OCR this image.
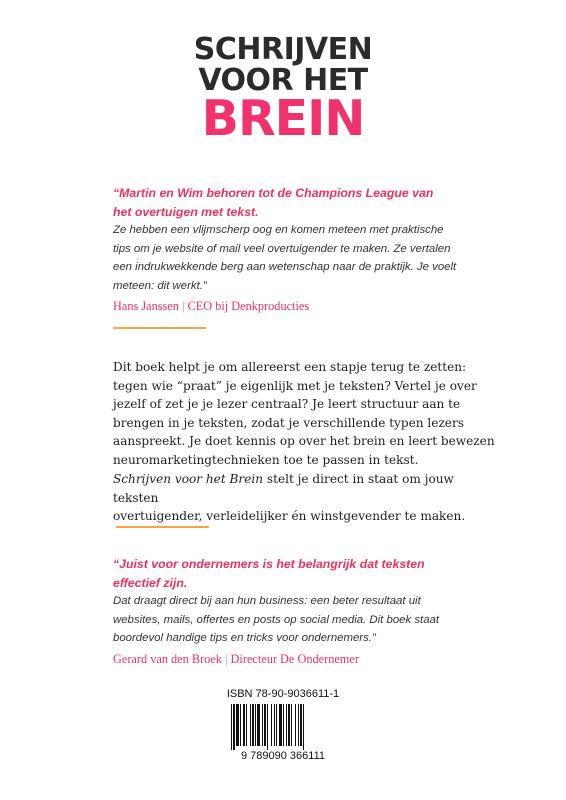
SCHRIJVEN
VOOR HET
BREIN

“Martin en Wim behoren tot de Champions League van
het overtuigen met tekst.

Ze hebben een vlijmscherp oog en komen meteen met praktische
tips om je website of mail veel overtuigender te maken. Ze vertalen
een indrukwekkende berg aan wetenschap naar de praktijk. Je voelt
meteen: dit werkt.”

Hans Janssen | CEO bij Denkproducties

Dit boek helpt je om allereerst een stapje terug te zetten:
tegen wie “praat” je eigenlijk met je teksten? Vertel je over
jezelf of zet je je lezer centraal? Je leert structuur aan te
brengen in je teksten, zodat je verschillende typen lezers
aanspreekt. Je doet kennis op over het brein en leert bewezen
neuromarketingtechnieken toe te passen in tekst.

Schrijven voor het Brein stelt je direct in staat om jouw teksten
overtuigender, verleidelijker én winstgevender te maken.

“Juist voor ondernemers is het belangrijk dat teksten
effectief zijn.

Dat draagt direct bij aan hun business: een beter resultaat uit
websites, mails, offertes en posts op social media. Dit boek staat
boordevol handige tips en tricks voor ondernemers.”

Gerard van den Broek | Directeur De Ondernemer

ISBN 78-90-9036611-1
9 789090 366111
